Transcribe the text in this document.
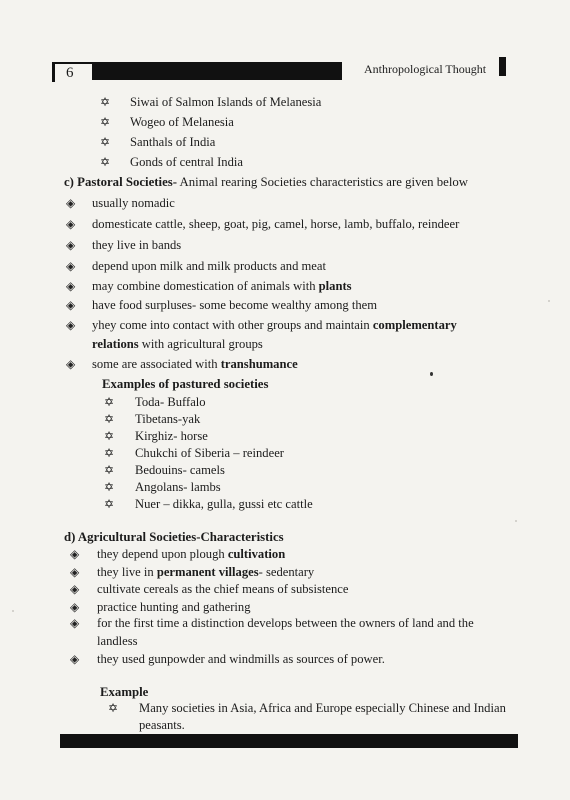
6	Anthropological Thought
✡ Siwai of Salmon Islands of Melanesia
✡ Wogeo of Melanesia
✡ Santhals of India
✡ Gonds of central India
c) Pastoral Societies- Animal rearing Societies characteristics are given below
◈ usually nomadic
◈ domesticate cattle, sheep, goat, pig, camel, horse, lamb, buffalo, reindeer
◈ they live in bands
◈ depend upon milk and milk products and meat
◈ may combine domestication of animals with plants
◈ have food surpluses- some become wealthy among them
◈ yhey come into contact with other groups and maintain complementary
relations with agricultural groups
◈ some are associated with transhumance
Examples of pastured societies
✡ Toda- Buffalo
✡ Tibetans-yak
✡ Kirghiz- horse
✡ Chukchi of Siberia – reindeer
✡ Bedouins- camels
✡ Angolans- lambs
✡ Nuer – dikka, gulla, gussi etc cattle
d) Agricultural Societies-Characteristics
◈ they depend upon plough cultivation
◈ they live in permanent villages- sedentary
◈ cultivate cereals as the chief means of subsistence
◈ practice hunting and gathering
◈ for the first time a distinction develops between the owners of land and the
landless
◈ they used gunpowder and windmills as sources of power.
Example
✡ Many societies in Asia, Africa and Europe especially Chinese and Indian
peasants.
